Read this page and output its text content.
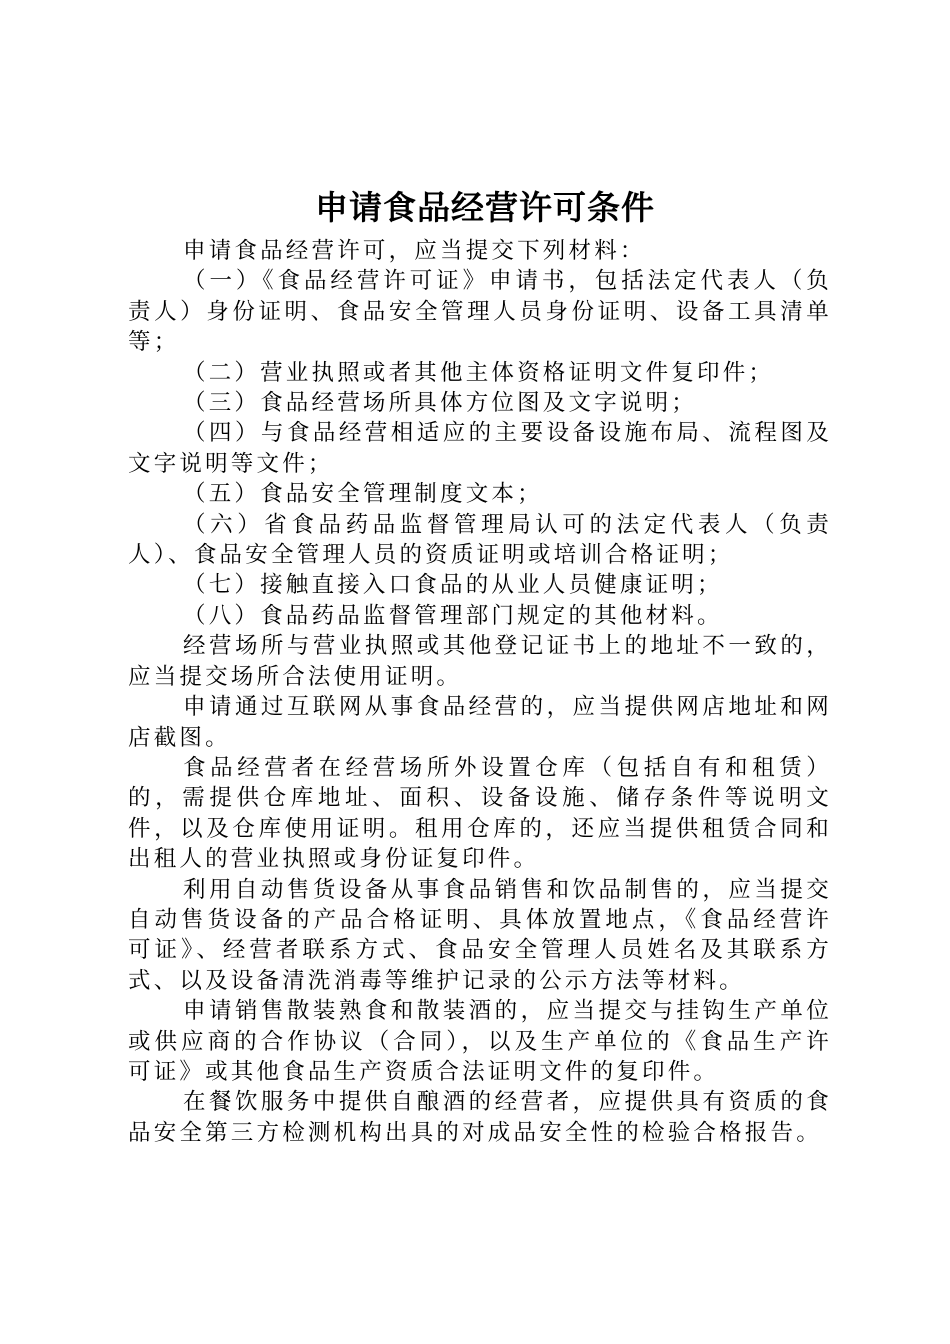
申请食品经营许可条件

申请食品经营许可，应当提交下列材料：

（一）《食品经营许可证》申请书，包括法定代表人（负责人）身份证明、食品安全管理人员身份证明、设备工具清单等；

（二）营业执照或者其他主体资格证明文件复印件；

（三）食品经营场所具体方位图及文字说明；

（四）与食品经营相适应的主要设备设施布局、流程图及文字说明等文件；

（五）食品安全管理制度文本；

（六）省食品药品监督管理局认可的法定代表人（负责人）、食品安全管理人员的资质证明或培训合格证明；

（七）接触直接入口食品的从业人员健康证明；

（八）食品药品监督管理部门规定的其他材料。

经营场所与营业执照或其他登记证书上的地址不一致的，应当提交场所合法使用证明。

申请通过互联网从事食品经营的，应当提供网店地址和网店截图。

食品经营者在经营场所外设置仓库（包括自有和租赁）的，需提供仓库地址、面积、设备设施、储存条件等说明文件，以及仓库使用证明。租用仓库的，还应当提供租赁合同和出租人的营业执照或身份证复印件。

利用自动售货设备从事食品销售和饮品制售的，应当提交自动售货设备的产品合格证明、具体放置地点，《食品经营许可证》、经营者联系方式、食品安全管理人员姓名及其联系方式、以及设备清洗消毒等维护记录的公示方法等材料。

申请销售散装熟食和散装酒的，应当提交与挂钩生产单位或供应商的合作协议（合同），以及生产单位的《食品生产许可证》或其他食品生产资质合法证明文件的复印件。

在餐饮服务中提供自酿酒的经营者，应提供具有资质的食品安全第三方检测机构出具的对成品安全性的检验合格报告。
